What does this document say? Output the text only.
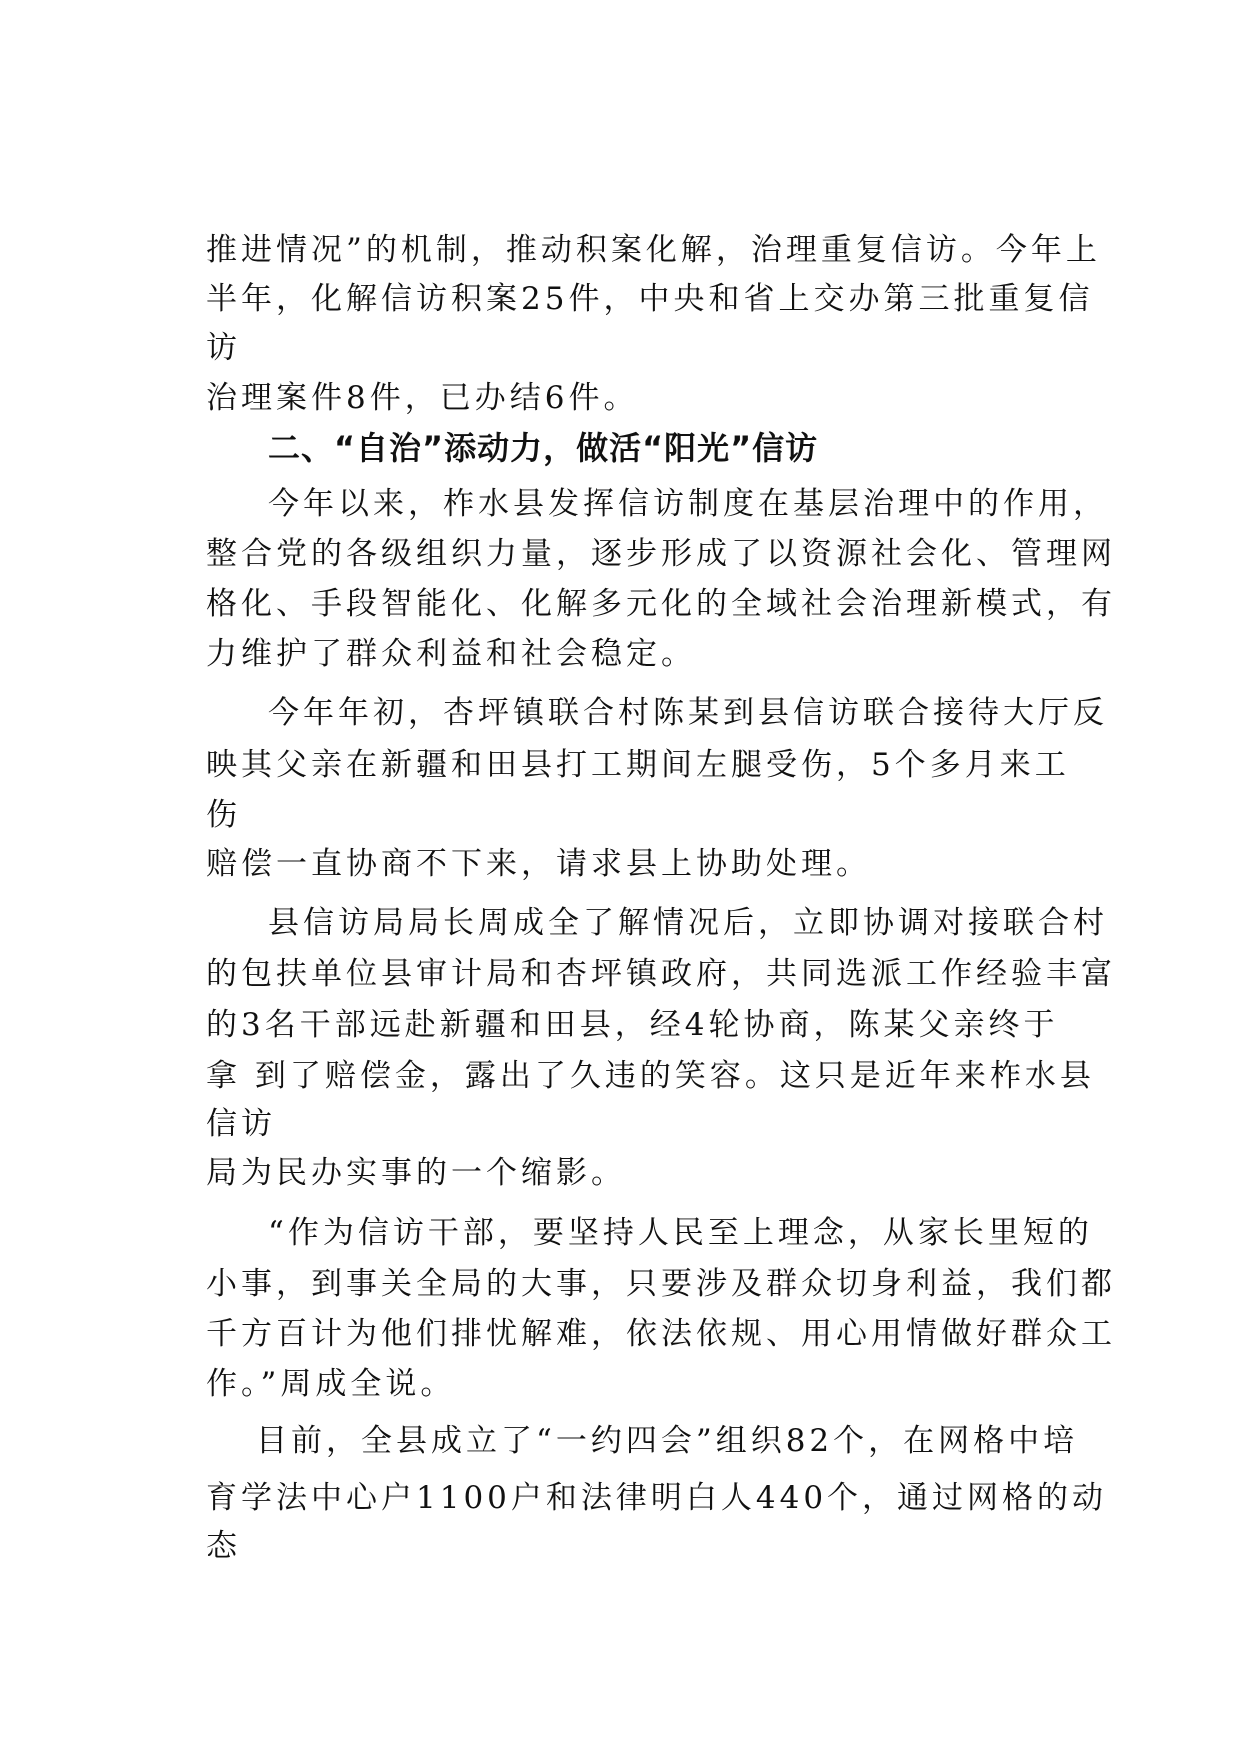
推进情况”的机制，推动积案化解，治理重复信访。今年上
半年，化解信访积案25件，中央和省上交办第三批重复信
访
治理案件8件，已办结6件。
二、“自治”添动力，做活“阳光”信访
今年以来，柞水县发挥信访制度在基层治理中的作用，
整合党的各级组织力量，逐步形成了以资源社会化、管理网
格化、手段智能化、化解多元化的全域社会治理新模式，有
力维护了群众利益和社会稳定。
今年年初，杏坪镇联合村陈某到县信访联合接待大厅反
映其父亲在新疆和田县打工期间左腿受伤，5个多月来工
伤
赔偿一直协商不下来，请求县上协助处理。
县信访局局长周成全了解情况后，立即协调对接联合村
的包扶单位县审计局和杏坪镇政府，共同选派工作经验丰富
的3名干部远赴新疆和田县，经4轮协商，陈某父亲终于
拿 到了赔偿金，露出了久违的笑容。这只是近年来柞水县
信访
局为民办实事的一个缩影。
“作为信访干部，要坚持人民至上理念，从家长里短的
小事，到事关全局的大事，只要涉及群众切身利益，我们都
千方百计为他们排忧解难，依法依规、用心用情做好群众工
作。”周成全说。
目前，全县成立了“一约四会”组织82个，在网格中培
育学法中心户1100户和法律明白人440个，通过网格的动
态
